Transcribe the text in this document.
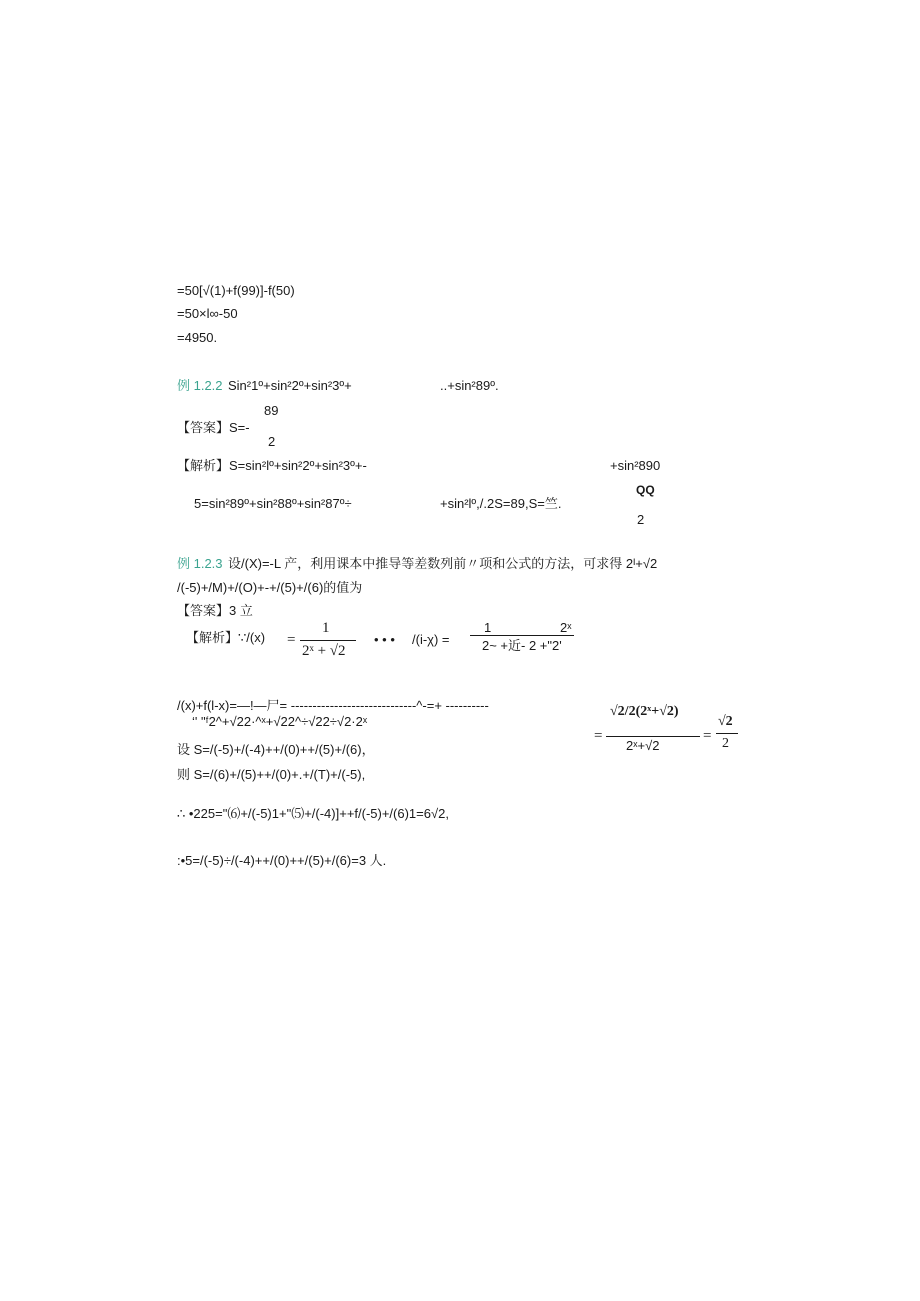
=50[√(1)+f(99)]-f(50)
=50×l∞-50
=4950.
例 1.2.2 Sin²1º+sin²2º+sin²3º+	..+sin²89º.
89
【答案】S=-
2
【解析】S=sin²lº+sin²2º+sin²3º+-	+sin²890
QQ
5=sin²89º+sin²88º+sin²87º÷	+sin²lº,/.2S=89,S=竺.
2
例 1.2.3 设/(X)=-L 产，利用课本中推导等差数列前〃项和公式的方法，可求得 2ᴵ+√2
/(-5)+/M)+/(O)+-+/(5)+/(6)的值为
【答案】3 立
【解析】∵/(x) =
1
2ˣ + √2
• • • /(i-χ) =
1	2ˣ
2~ +近- 2 +"2'
/(x)+f(l-x)=—!—尸= -----------------------------^-=+ ----------
‘' "ᶠ2^+√22·^ˣ+√22^÷√22÷√2·2ˣ
=
√2/2(2ˣ+√2)
2ˣ+√2
=
√2
2
设 S=/(-5)+/(-4)++/(0)++/(5)+/(6)，
则 S=/(6)+/(5)++/(0)+.+/(T)+/(-5),
∴ •225="⑹+/(-5)1+"⑸+/(-4)]++f/(-5)+/(6)1=6√2,
:•5=/(-5)÷/(-4)++/(0)++/(5)+/(6)=3 人.
